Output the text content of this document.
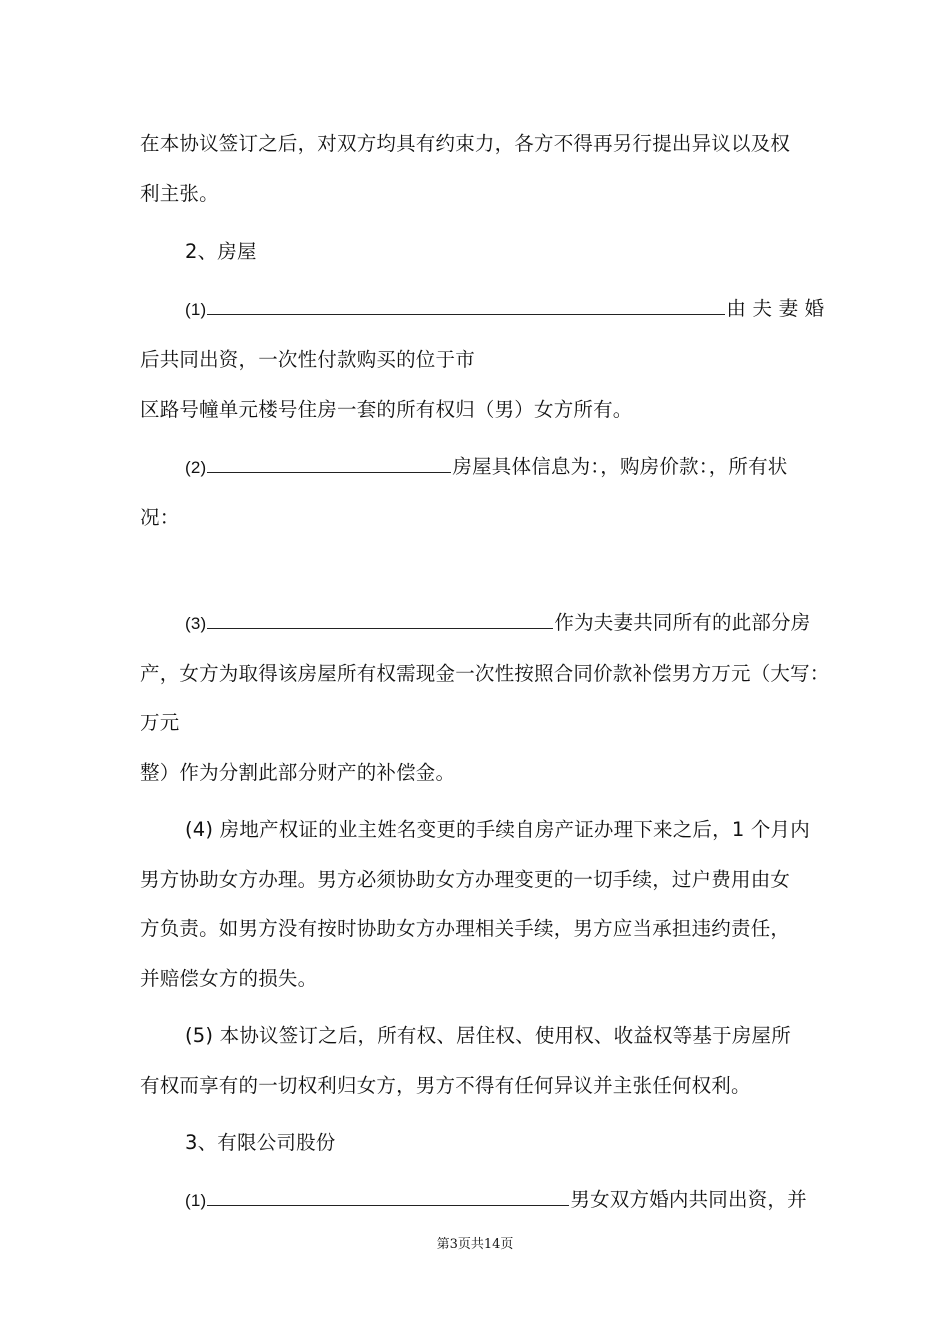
在本协议签订之后，对双方均具有约束力，各方不得再另行提出异议以及权
利主张。
2、房屋
(1)	由 夫 妻 婚
后共同出资，一次性付款购买的位于市
区路号幢单元楼号住房一套的所有权归（男）女方所有。
(2)	房屋具体信息为：，购房价款：，所有状
况：
(3)	作为夫妻共同所有的此部分房
产，女方为取得该房屋所有权需现金一次性按照合同价款补偿男方万元（大写：
万元
整）作为分割此部分财产的补偿金。
(4) 房地产权证的业主姓名变更的手续自房产证办理下来之后，1 个月内
男方协助女方办理。男方必须协助女方办理变更的一切手续，过户费用由女
方负责。如男方没有按时协助女方办理相关手续，男方应当承担违约责任，
并赔偿女方的损失。
(5) 本协议签订之后，所有权、居住权、使用权、收益权等基于房屋所
有权而享有的一切权利归女方，男方不得有任何异议并主张任何权利。
3、有限公司股份
(1)	男女双方婚内共同出资，并
第3页共14页
